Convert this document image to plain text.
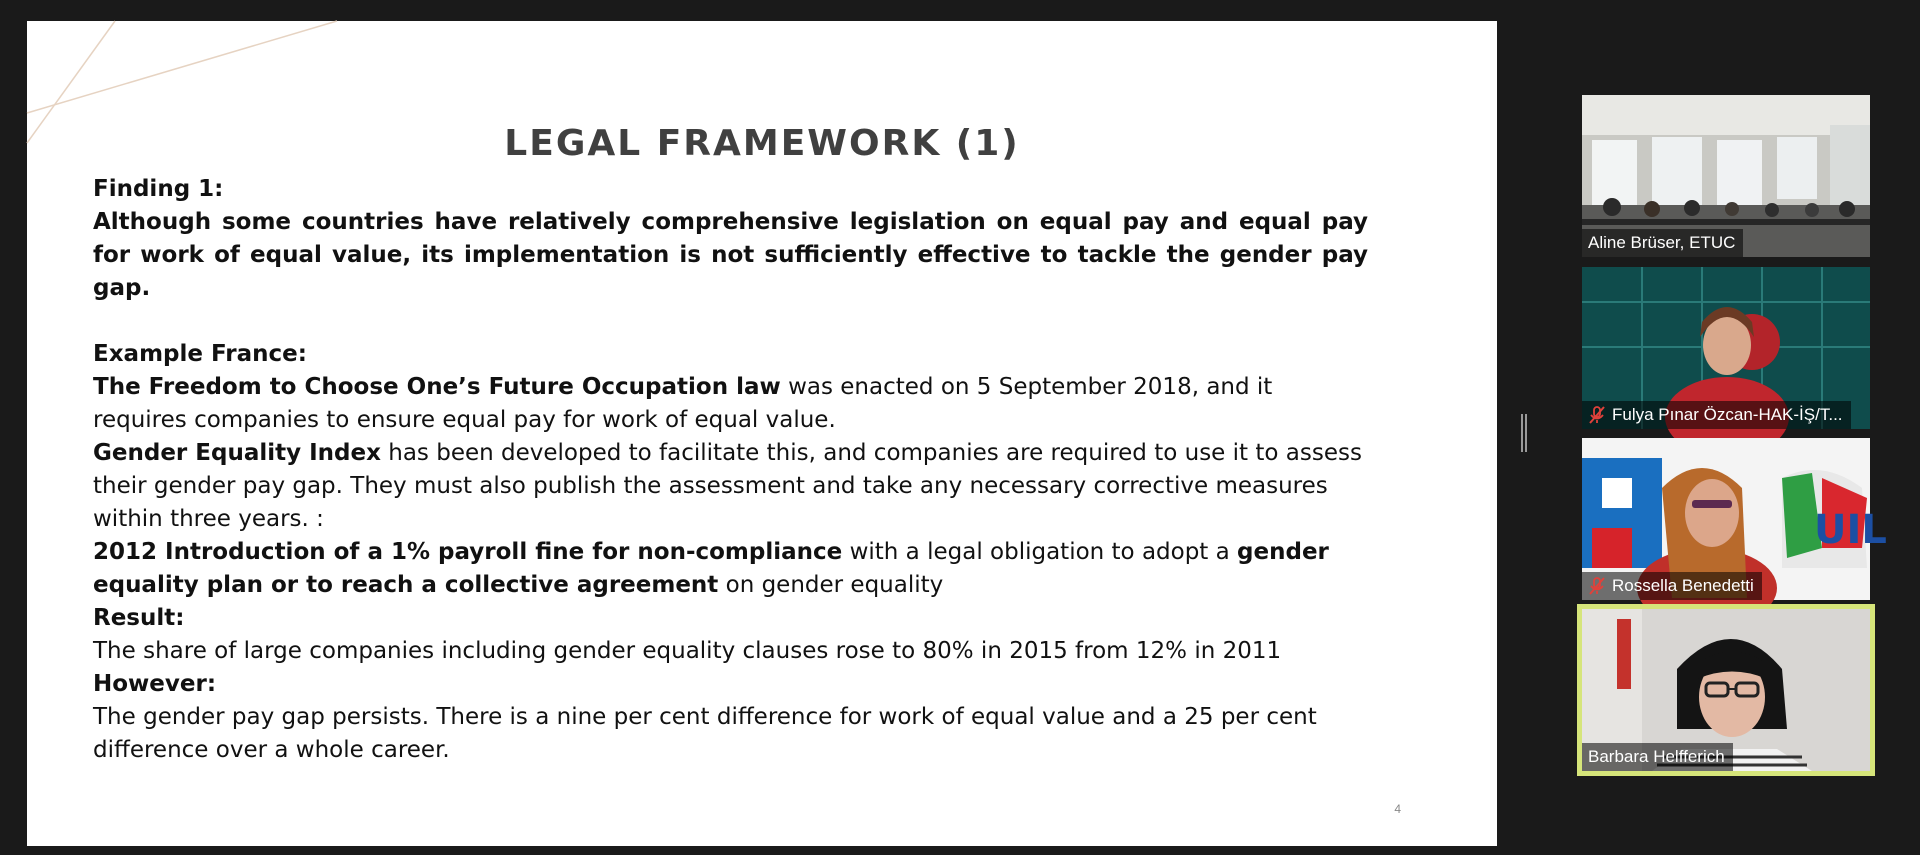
LEGAL FRAMEWORK (1)

Finding 1:

Although some countries have relatively comprehensive legislation on equal pay and equal pay for work of equal value, its implementation is not sufficiently effective to tackle the gender pay gap.

Example France:

The Freedom to Choose One’s Future Occupation law was enacted on 5 September 2018, and it requires companies to ensure equal pay for work of equal value.

Gender Equality Index has been developed to facilitate this, and companies are required to use it to assess their gender pay gap. They must also publish the assessment and take any necessary corrective measures within three years. :

2012 Introduction of a 1% payroll fine for non-compliance with a legal obligation to adopt a gender equality plan or to reach a collective agreement on gender equality

Result:

The share of large companies including gender equality clauses rose to 80% in 2015 from 12% in 2011

However:

The gender pay gap persists. There is a nine per cent difference for work of equal value and a 25 per cent difference over a whole career.

4
Aline Brüser, ETUC
Fulya Pınar Özcan-HAK-İŞ/T...
UIL
Rossella Benedetti
Barbara Helfferich
